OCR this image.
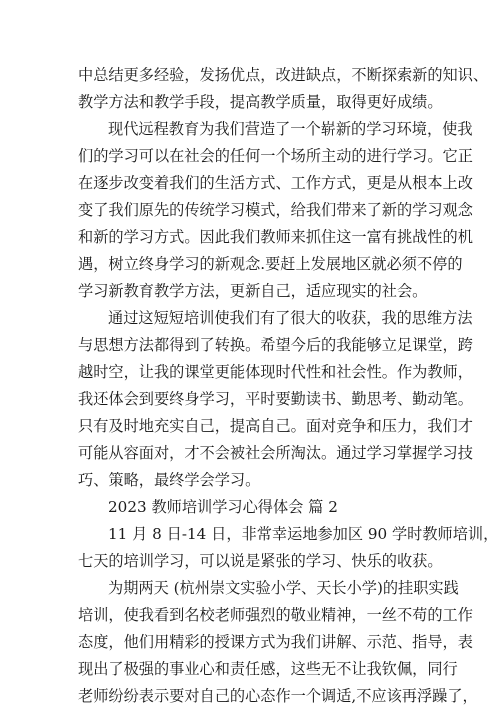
中总结更多经验，发扬优点，改进缺点，不断探索新的知识、
教学方法和教学手段，提高教学质量，取得更好成绩。
现代远程教育为我们营造了一个崭新的学习环境，使我
们的学习可以在社会的任何一个场所主动的进行学习。它正
在逐步改变着我们的生活方式、工作方式，更是从根本上改
变了我们原先的传统学习模式，给我们带来了新的学习观念
和新的学习方式。因此我们教师来抓住这一富有挑战性的机
遇，树立终身学习的新观念.要赶上发展地区就必须不停的
学习新教育教学方法，更新自己，适应现实的社会。
通过这短短培训使我们有了很大的收获，我的思维方法
与思想方法都得到了转换。希望今后的我能够立足课堂，跨
越时空，让我的课堂更能体现时代性和社会性。作为教师，
我还体会到要终身学习，平时要勤读书、勤思考、勤动笔。
只有及时地充实自己，提高自己。面对竞争和压力，我们才
可能从容面对，才不会被社会所淘汰。通过学习掌握学习技
巧、策略，最终学会学习。
2023 教师培训学习心得体会 篇 2
11 月 8 日-14 日，非常幸运地参加区 90 学时教师培训，
七天的培训学习，可以说是紧张的学习、快乐的收获。
为期两天 (杭州崇文实验小学、天长小学)的挂职实践
培训，使我看到名校老师强烈的敬业精神，一丝不苟的工作
态度，他们用精彩的授课方式为我们讲解、示范、指导，表
现出了极强的事业心和责任感，这些无不让我钦佩，同行
老师纷纷表示要对自己的心态作一个调适,不应该再浮躁了，
